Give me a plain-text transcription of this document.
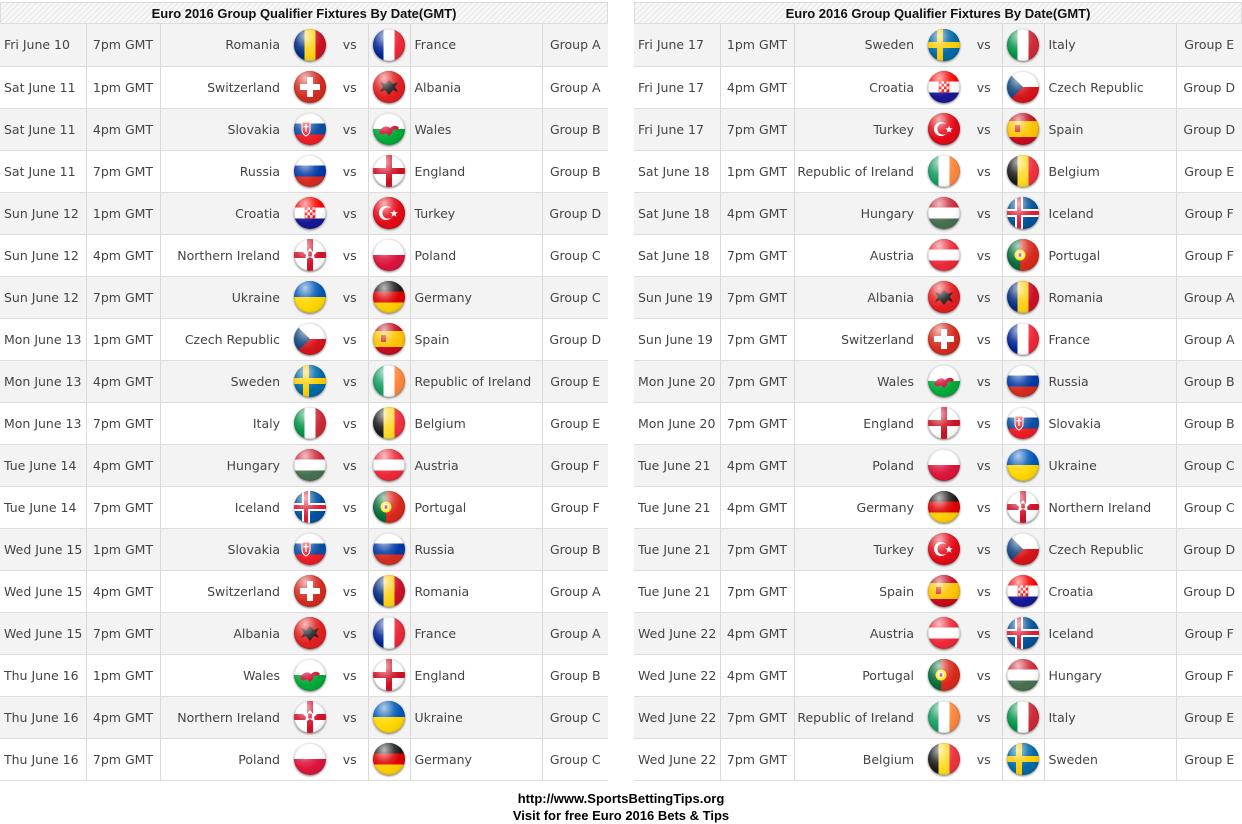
Euro 2016 Group Qualifier Fixtures By Date(GMT)
Fri June 10	7pm GMT	Romania		vs		France	Group A
Sat June 11	1pm GMT	Switzerland		vs		Albania	Group A
Sat June 11	4pm GMT	Slovakia		vs		Wales	Group B
Sat June 11	7pm GMT	Russia		vs		England	Group B
Sun June 12	1pm GMT	Croatia		vs		Turkey	Group D
Sun June 12	4pm GMT	Northern Ireland		vs		Poland	Group C
Sun June 12	7pm GMT	Ukraine		vs		Germany	Group C
Mon June 13	1pm GMT	Czech Republic		vs		Spain	Group D
Mon June 13	4pm GMT	Sweden		vs		Republic of Ireland	Group E
Mon June 13	7pm GMT	Italy		vs		Belgium	Group E
Tue June 14	4pm GMT	Hungary		vs		Austria	Group F
Tue June 14	7pm GMT	Iceland		vs		Portugal	Group F
Wed June 15	1pm GMT	Slovakia		vs		Russia	Group B
Wed June 15	4pm GMT	Switzerland		vs		Romania	Group A
Wed June 15	7pm GMT	Albania		vs		France	Group A
Thu June 16	1pm GMT	Wales		vs		England	Group B
Thu June 16	4pm GMT	Northern Ireland		vs		Ukraine	Group C
Thu June 16	7pm GMT	Poland		vs		Germany	Group C
Euro 2016 Group Qualifier Fixtures By Date(GMT)
Fri June 17	1pm GMT	Sweden		vs		Italy	Group E
Fri June 17	4pm GMT	Croatia		vs		Czech Republic	Group D
Fri June 17	7pm GMT	Turkey		vs		Spain	Group D
Sat June 18	1pm GMT	Republic of Ireland		vs		Belgium	Group E
Sat June 18	4pm GMT	Hungary		vs		Iceland	Group F
Sat June 18	7pm GMT	Austria		vs		Portugal	Group F
Sun June 19	7pm GMT	Albania		vs		Romania	Group A
Sun June 19	7pm GMT	Switzerland		vs		France	Group A
Mon June 20	7pm GMT	Wales		vs		Russia	Group B
Mon June 20	7pm GMT	England		vs		Slovakia	Group B
Tue June 21	4pm GMT	Poland		vs		Ukraine	Group C
Tue June 21	4pm GMT	Germany		vs		Northern Ireland	Group C
Tue June 21	7pm GMT	Turkey		vs		Czech Republic	Group D
Tue June 21	7pm GMT	Spain		vs		Croatia	Group D
Wed June 22	4pm GMT	Austria		vs		Iceland	Group F
Wed June 22	4pm GMT	Portugal		vs		Hungary	Group F
Wed June 22	7pm GMT	Republic of Ireland		vs		Italy	Group E
Wed June 22	7pm GMT	Belgium		vs		Sweden	Group E
http://www.SportsBettingTips.org
Visit for free Euro 2016 Bets & Tips
